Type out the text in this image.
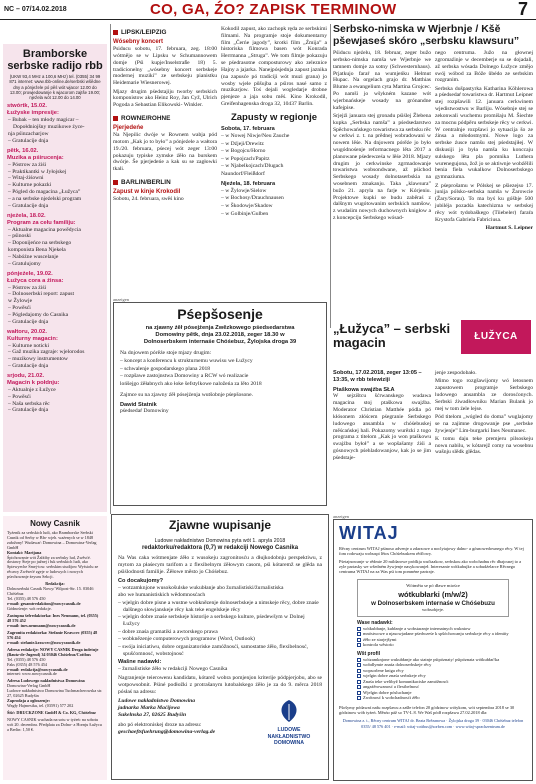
NC – 07/14.02.2018	CO, GA, ŹO? ZAPISK TERMINOW	7
Bramborske serbske radijo rbb
(UKW 93,4 MHz a 100,6 MHz) tel. (0355) 34 99 871 internet: www.rbb-online.de/serbski wšědne dny a pónjeźele pó pěś wót wjacor 12.00 do 13.00; prowjedowanje k wjacorom zajtše 19.00; njeźela wót 12.00 do 14.00
stwórtk, 15.02.
Łužyske impresije:
– Bubak – ten młody magicar – Dopołdniojšny muzikowe źyce-
nja pśinzacharjow
– Gratulacije dnja
pětk, 16.02.
Muzika a pśirucenja:
– Póstrow za źiśi
– Praktikantki w Jyłojskej
– Witaj-źiśowni
– Kulturne pokazki
– Pógled do magacina „Łužyca”
– a na serbske njeźelski program
– Gratulacije dnja
njeźela, 18.02.
Program za cełu familiju:
– Aktualne magacina powědycia
– pśinoski
– Doponijeńce na serbskego
komponista Bena Njekela
– Nabóźne wuscelanje
– Gratulujomy
pónjeźele, 19.02.
Łužyca cora a źinsa:
– Póstrow za źiśi
– Dolnoserbski report: zapust
w Žylowje
– Powěsći
– Pógledajomy do Casnika
– Gratulacije dnja
wałtoru, 20.02.
Kulturny magacin:
– Kulturne noticki
– Gaž muzika zagraje: wjelorodos
– muzikowy instrumentow
– Gratulacije dnja
srjodu, 21.02.
Magacin k połdnju:
– Aktualnje z Łužyce
– Powěsći
– Naša serbska rěc
– Gratulacije dnja
LIPSK/LEIPZIG
Wósebny koncert

Psiducu sobotu, 17. februara, zeg. 18:00 wótmějo se w Lipsku w Schumannowem domje (Pśi kupje/Inselstraße 18) 5. tradicionelny „wósebny koncert serbskeje modernej muziki” ze serbskeju pianistku Heidemarie Wiesnerowej.

Mjazy drugim pśedstajiju tworby serbskich komponistow ako Heinz Roy, Jan Cyž, Ulrich Pogoda a Sebastian Elikowski- Winkler.

ROWNE/ROHNE
Pjerjedeńe

Na Njepilic dwóje w Rownem wabja pód motom „Kak jo to było” a pónjeźele a wałtora 19./20. februara, pśecej wót zeger 13:00 pokazuju typiske zymske źěło na burskem dwórje. Še pjerjedeńe a kak su se zagłowki tkali.

BARLIN/BERLIN
Zapust w kinje Krokodil

Sobotu, 24. februara, swěś kino

Kokodil zapust, ako zachopk ręda ze serbskimi filmami. Na programje stoje dokumentarny film „Čerńe jagody”, krotki film „Źmija” a historiska filmowa basen wót Konrada Herrmanna „Struga”. We tom filmje pokazuju se pśedrasotne composturowy ako zeleznice Hajny a jajarka. Nanejpósjednja zapust jaznika (na zapusće pó tradiciji wót muzi grana) jo wosby wjele půšujba a pśiros nasé samo z muzikarjow. Toś dejali wogledarje drobne pjenjeze a jaja sobu měś. Kino Krokodil, Greifenhagenska droga 32, 10437 Barlin.

Zapusty w regionje
Sobota, 17. februara
– w Nowej Niwje/Neu Zauche
– w Dźjeji/Drewitz
– w Bogojcu/Horno
– w Popojcach/Papitz
– w Njabelkojcach/Dlugach
Naundorf/Fleißdorf
Njeźela, 18. februara
– w Žylowje/Sielow
– w Bochosy/Drauchnausen
– w Škodowje/Skadow
– w Golbinje/Gulben
anzeigen
Pśepšosenje
na zjawny źěł pósejźenja Zwězkowego pśedsedarstwa Domowiny pětk, dnja 23.02.2018, zeger 18.30 w Dolnoserbskem internaśe Chóśebuz, Žylojska droga 39

Na dnjowem pórěźe stoje mjazy drugim:

– koncept a konferencu k strukturnemu wuwisu we Łužycy
– schwalenje gospodarskego plana 2018
– rozpšawe zastojnstwa Domowiny a RCW wó realizacie
lońšejgo źěłabnych ako łoke šefstylkowe naložeńa za lěto 2018

Zajmce su na zjawny źěł pósejźenja wutšobnje pśepšosone.

Dawid Statnik
pśedsedaŕ Domowiny
Serbsko-nimska w Wjerbnje / Kšě pšewjaseś skóro „serbsku klawsuru”

Pśiducu njeźelu, 18. februar, zeger bužo serbsko-nimska namša we Wjerbnje we tamnem domje za sotny (Schwesternhaus). Prjatkujo faraŕ na wumjeńku Helmut Hupac. Na orgelach grajo dr. Matthias Blume a ewangelium cyta Martina Grojcec. Po namši jo wšykném kazane wót wjerbnańskeje wosady na grónandne kafejpise.

Srjejźi januara stej gronadu pśiślej Žlebena kupka „Serbska namša” a pśedsedarstwo Spěchowańskego towaristwa za serbsku rěc w cerkwi z. t. na prědnej wobradowani w nowem lěśe. Na dnjowem pórěźe jo było wugódnośenje reformacnego lěta 2017 a planowane pśedewześa w lěśe 2018. Mjazy drugim jo cerkwinske zgrmadowanje towaristwa wobsondwane, až pśichod Serbskego wosady dolnotaserbskia na wosebnem zmakanju. Taka „klawsura” bužo 21. apryla na farje w Kórjeniu. Projektowe kupki se budu zaběraś z dalšnym wugótowanim serbskich namšow, z wudaśim nowych duchownych knigłow a z koncepciju Serbskego wósad-

nego centruma. Južo na głownej zgromaźinje w decemberje su se dojadali, až serbska wósada Dolnego Łužyce změjo swój wóbod za Bóže ůbédo ze serbskim rozgranim.

Serbska dušpastyrka Katharina Köhlerowa a pśedsedaŕ towaristwa dr. Hartmut Leipner stej rozpšawili 12. januara cerkwinem wjedistwostwu w Barliju. Wósebnje stej se zekonwali wuchemu promišaju M. Šiechte za mocnu pódpěru serbskeje rěcy w cerkwi. W centralnje rozpšawi jo sytuacija šo ze źinsa a młodostnymi. Nowe logo za serbske źusce namšu stej pśedstajiłej. W diskusiji jo była namša ku konccaju sulskego lěta pla pomnika Luthera wurenegujona, žož jo se aktiwnje wobźělili benia fiela wukalkow Dolnoserbskego gymnaziuma.

Z pśeprošamu w Pólskej se pšiezejso 17. junija pólsko-serbska namša w Žarowcie (Žary/Sorau). To ma byś ku góšbje 500 jubiléja pozadśa katechizma w serbskej rěcy wót tydobaškego (Tiiebeler) faraŕa Krystofa Gabriela Fabriciusa.

Hartmut S. Leipner
„Łužyca” – serbski magacin	ŁUŽYCA
Sobotu, 17.02.2018, zeger 13:05 – 13:35, w rbb telewiziji
Ptaškowa swajźba SŁA

W sejzištcu šćrwanskego wudawa magacina stoj ptaškowa swajźba. Moderator Christian Matthée pódla pó kłósonem złóścem pśegranie Serbskego ludowego ansambla w chóśebuskej měścańskej hali. Pokazomy wurězki z togo programa z titelom „Kak jo won ptaškowu swajźbu byłoł” a se wopšašamy źiśi a gósnowych pśehladowanjow, kak jo se jim pśedstaje-

jenje zespodobało.

Mimo togo rozgšawijomy wó letosnem zapustowem programje Serbskego ludowego ansambla ze dorosćonych. Serbski źiwadłowniku Marian Bulank jo mej w tom źele lejse.

Pód titelom „wógled do doma” wuglajomy se na zajimne drogowanje pse „serbske žywjenje” Lim-burgarki Ines Neumanec.

K tomu daju teke premjeru pilsoskeju nowu nabilu, w kótarejž comy na wosebnu wašnju slědk glědas.

Nowy Casnik
Tyźenik za serbskich ludi, ako Bramborske Serbski Casnik od Serby w Bła- wjeh. waźenych se w 1848 załožony! Wudawaŕ: Domowina – Domowina-Verlag GmbH
Kontakt: Marijana
Śpichowanie wót Žalźiby za serbsky lud, Zwěsćé. dostawy Šteje po južnej i łuk serbskich ludi, ako Spiewyeche Šmej-tow. serbskim studijow Wyśsiolu ze rěcawy Zwěsećé zgeje w ludowych i nowych pśechowanje źeyuru Sekcji.
Redakcija:
Dolnoserbski Casnik Nowy/ Wilpost-Str. 15. 03046 Chóśebuz
Tel. (0355) 48 576 450
e-mail: gesamtredaktion@nowycasnik.de
Gódnośenje: wót redakcje.
Zastupna šefredaktorka: Ines Neumann, tel. (0355) 48 576 452
e-mail: ines.neumann@nowycasnik.de
Zagronita redaktorka: Stefanie Krawcec (0355) 48 576 454
e-mail: stefanie.krawcec@nowycasnik.de
Adresa redakcije: NOWY CASNIK Droga indetuje (Bautz-de-Jugend) 34 03046 Chóśebuz/Cottbus
Tel. (0355) 48 576 450
Faks (0355) 48 576 454
e-mail: redakcija@nowycasnik.de
internet: www.nowycasnik.de
Adresa Ludowego nakładnistwa Domowina
Domowina-Verlag GmbH
Ludowe nakładnistwo Domowina Tuchmacherowska str. 27, 02625 Budyšin
Zaprodaja a ogłoszenje:
Wagły Hajmesiku, tel. (03591) 577 202
Śišć: DRUCKZONE GmbH & Co. KG, Chóśebuz
NOWY CASNIK wuchada na sotu w tyźeń: na sobotu wót 20. decembra. Předplata za Dolno- a Hornju Łužycu a Berlin: 1,50 €.
Zjawne wupisanje
Ludowe nakładnistwo Domowina pyta wót 1. apryla 2018
redaktorku/redaktora (0,7) w redakciji Nowego Casnika

Na Was caka wótmenjate źěło z wusokeju zagronitosću a dłujkodobnju perspektiwu, z mytom za płaśecym tarifom a z flexibelnym źěłowym casom, pśi kótaremž se glěda na pśiślodnosti familije. Źěłowe město jo Chóśebuz.

Co docakujomy?
– wotzamknjone wusokošulske wukubłanje abo žurnalistiski/žurnalistiska
abo we humanistiskich wědomnosćach
– wjelgin dobre pisne a wustne wobknězenje dolnoserbskeje a nimskeje rěcy, dobre znaśe dalšnego słowjanskeje rěcy kak teke engelskeje rěcy
– wjelgin dobre znaśe serbskeje historije a serbskego kulture, pśedewšym w Dolnej Łužycy
– dobre znaśa gramatiki a awtorskego prawa
– wobknězenje computerowych programow (Word, Outlook)
– swója iniciatiwu, dobre organizatoriske zamóžnosći, samostatne źěło, flexibelnosć, spušćomnosć, wobstojnosć
Wašne nadawki:
– žurnalistiske źěło w redakciji Nowego Casnika

Nagranjenje teierowenu kandidatu, kótarež wobra pomjenjon kriterije pódpjerjobu, abo se wotpowsobnit. Pśiné podłožki z protrašanym lutobalskego źěło je za do 9. měrca 2018 pósłaś na adresu:

Ludowe nakładnistwo Domowina
jadnarka Marka Maćijowa
Sukelnska 27, 02625 Budyšin
abo pó elektroniskej droze na adresu:
geschaeftsfuehrung@domowina-verlag.de	LUDOWE
NAKŁADNISTWO
DOMOWINA
anzeigen
WITAJ
Rěcny centrum WITAJ pśinoso advenje a zdarzowe a noclytajowy dalno- a gósnowedownego rěcy. W tej fom rodowaju wobuspi lětos Chóśebuskem rědčowy.
Pśetajnowanje w rědmie 20 mildarowe pródkja wučtaakow, serbskou ako wobchadnu rěc dbajousej to a zyle partasky we wšedném žywjenje nasykowanjeł. Interesanie wótkubujke a sobudźelarce Rěcnego centruma WITAJ na za Was pśi tom pomnéne partraje.
Wótměta se pó dławe miośce
wótkubłarki (m/w/2)
w Dolnoserbskem internaśe w Chóśebuzu
wobsobjeje.
Wase nadawki:
wótkubłanje, kubłanje a wobstaranje internatnych wukniow
mnóstwowe a njasowjadane pśedwześe k spšóchowanju serbskeje rěcy a identity
źěło ze starjejšymi
kontrola wěstośo
Wšt profil
wótzamknjone wukubłanje ako statnje pśipóznaty/ pśipóznata wótkubłaŕ/ka
wobdlymie znaśa dolnoserbskeje rěcy
wopsorlene kniga rěcy
wjelgin dobre znaśa serbskeje rěcy
Znaśa teke welibyž komunikaciske zamóžnosći
angaźěrowanosć a flexibelnosć
Wjelgin dobre pósluchanje
Zwótnosć k wobchadnosći źěło
Pšošymy pódawaś našu rozpšawu a zašłe telefon 20 gódzinow wótykom, wót septembra 2018 se 30 gódzinow wób tyźeń. Měsńo páž so TV-L 8. We Waš pódł rozpšawu 27.02.2018 dla:
Domowina z. t., Rěcny centrum WITAJ dr. Beata Brězanowa · Žylojska droga 39 · 03046 Chóśebuz telefon 0355/ 48 576 401 · e-mail: witaj-cottbus@sorben.com · www.witaj-sprachzentrum.de
